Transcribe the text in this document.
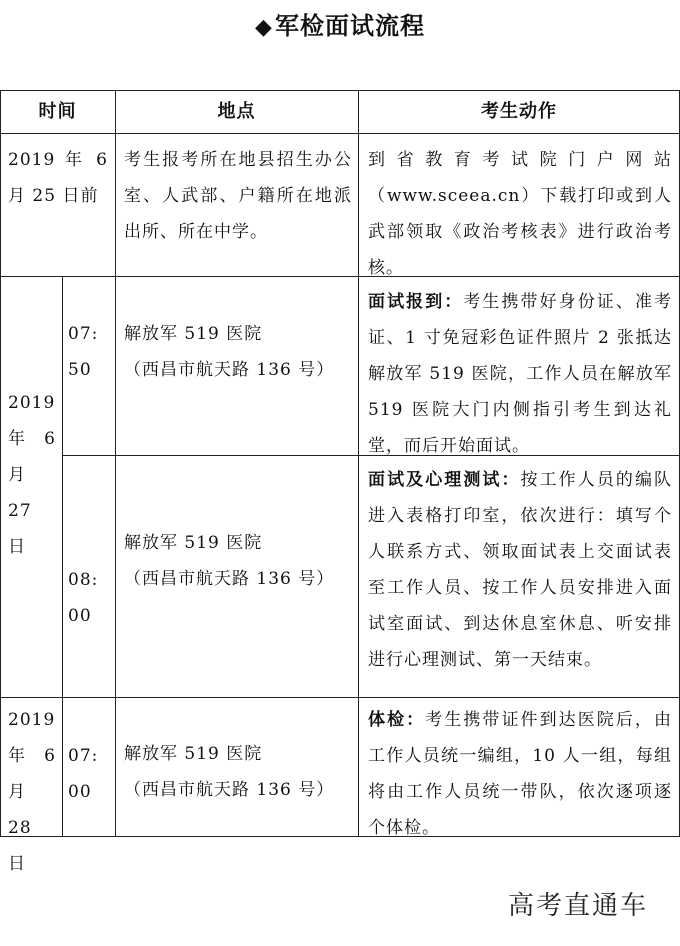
◆军检面试流程
时间	地点	考生动作
2019 年 6 月 25 日前
考生报考所在地县招生办公室、人武部、户籍所在地派出所、所在中学。
到省教育考试院门户网站（www.sceea.cn）下载打印或到人武部领取《政治考核表》进行政治考核。
2019 年 6 月 27 日
07:50
解放军 519 医院
（西昌市航天路 136 号）
面试报到：考生携带好身份证、准考证、1 寸免冠彩色证件照片 2 张抵达解放军 519 医院，工作人员在解放军 519 医院大门内侧指引考生到达礼堂，而后开始面试。
08:00
解放军 519 医院
（西昌市航天路 136 号）
面试及心理测试：按工作人员的编队进入表格打印室，依次进行：填写个人联系方式、领取面试表上交面试表至工作人员、按工作人员安排进入面试室面试、到达休息室休息、听安排进行心理测试、第一天结束。
2019 年 6 月 28 日
07:00
解放军 519 医院
（西昌市航天路 136 号）
体检：考生携带证件到达医院后，由工作人员统一编组，10 人一组，每组将由工作人员统一带队，依次逐项逐个体检。
高考直通车
